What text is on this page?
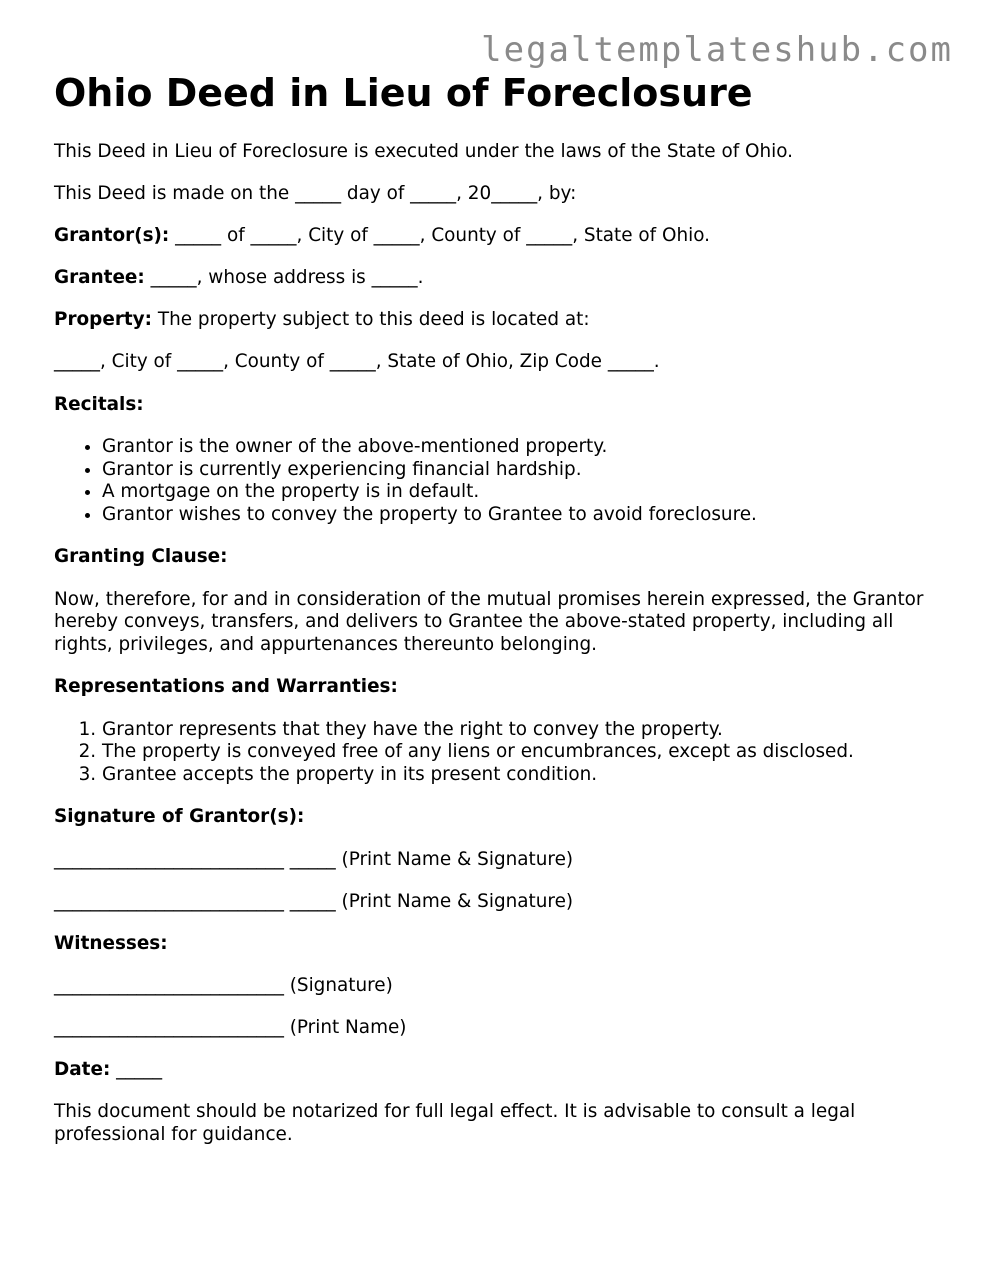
legaltemplateshub.com
Ohio Deed in Lieu of Foreclosure

This Deed in Lieu of Foreclosure is executed under the laws of the State of Ohio.

This Deed is made on the _____ day of _____, 20_____, by:

Grantor(s): _____ of _____, City of _____, County of _____, State of Ohio.

Grantee: _____, whose address is _____.

Property: The property subject to this deed is located at:

_____, City of _____, County of _____, State of Ohio, Zip Code _____.

Recitals:

• Grantor is the owner of the above-mentioned property.
• Grantor is currently experiencing financial hardship.
• A mortgage on the property is in default.
• Grantor wishes to convey the property to Grantee to avoid foreclosure.

Granting Clause:

Now, therefore, for and in consideration of the mutual promises herein expressed, the Grantor hereby conveys, transfers, and delivers to Grantee the above-stated property, including all rights, privileges, and appurtenances thereunto belonging.

Representations and Warranties:

1. Grantor represents that they have the right to convey the property.
2. The property is conveyed free of any liens or encumbrances, except as disclosed.
3. Grantee accepts the property in its present condition.

Signature of Grantor(s):

_________________________ _____ (Print Name & Signature)

_________________________ _____ (Print Name & Signature)

Witnesses:

_________________________ (Signature)

_________________________ (Print Name)

Date: _____

This document should be notarized for full legal effect. It is advisable to consult a legal professional for guidance.
